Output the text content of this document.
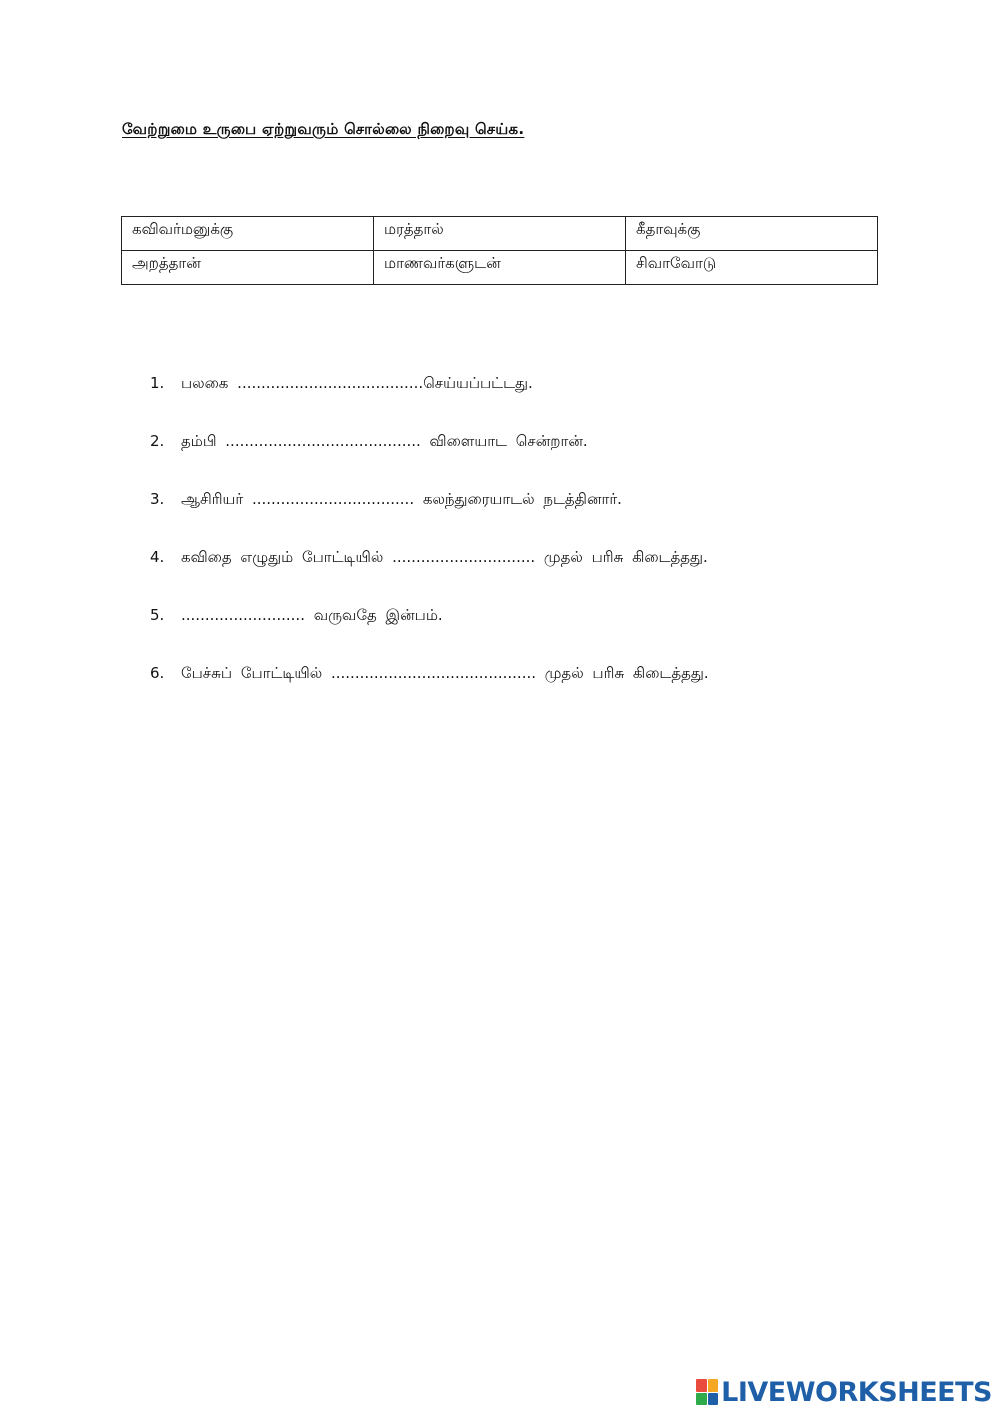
வேற்றுமை உருபை ஏற்றுவரும் சொல்லை நிறைவு செய்க.
கவிவர்மனுக்கு	மரத்தால்	கீதாவுக்கு
அறத்தான்	மாணவர்களுடன்	சிவாவோடு
1.	பலகை .......................................செய்யப்பட்டது.
2.	தம்பி ......................................... விளையாட சென்றான்.
3.	ஆசிரியர் .................................. கலந்துரையாடல் நடத்தினார்.
4.	கவிதை எழுதும் போட்டியில் .............................. முதல் பரிசு கிடைத்தது.
5.	.......................... வருவதே இன்பம்.
6.	பேச்சுப் போட்டியில் ........................................... முதல் பரிசு கிடைத்தது.
LIVEWORKSHEETS
